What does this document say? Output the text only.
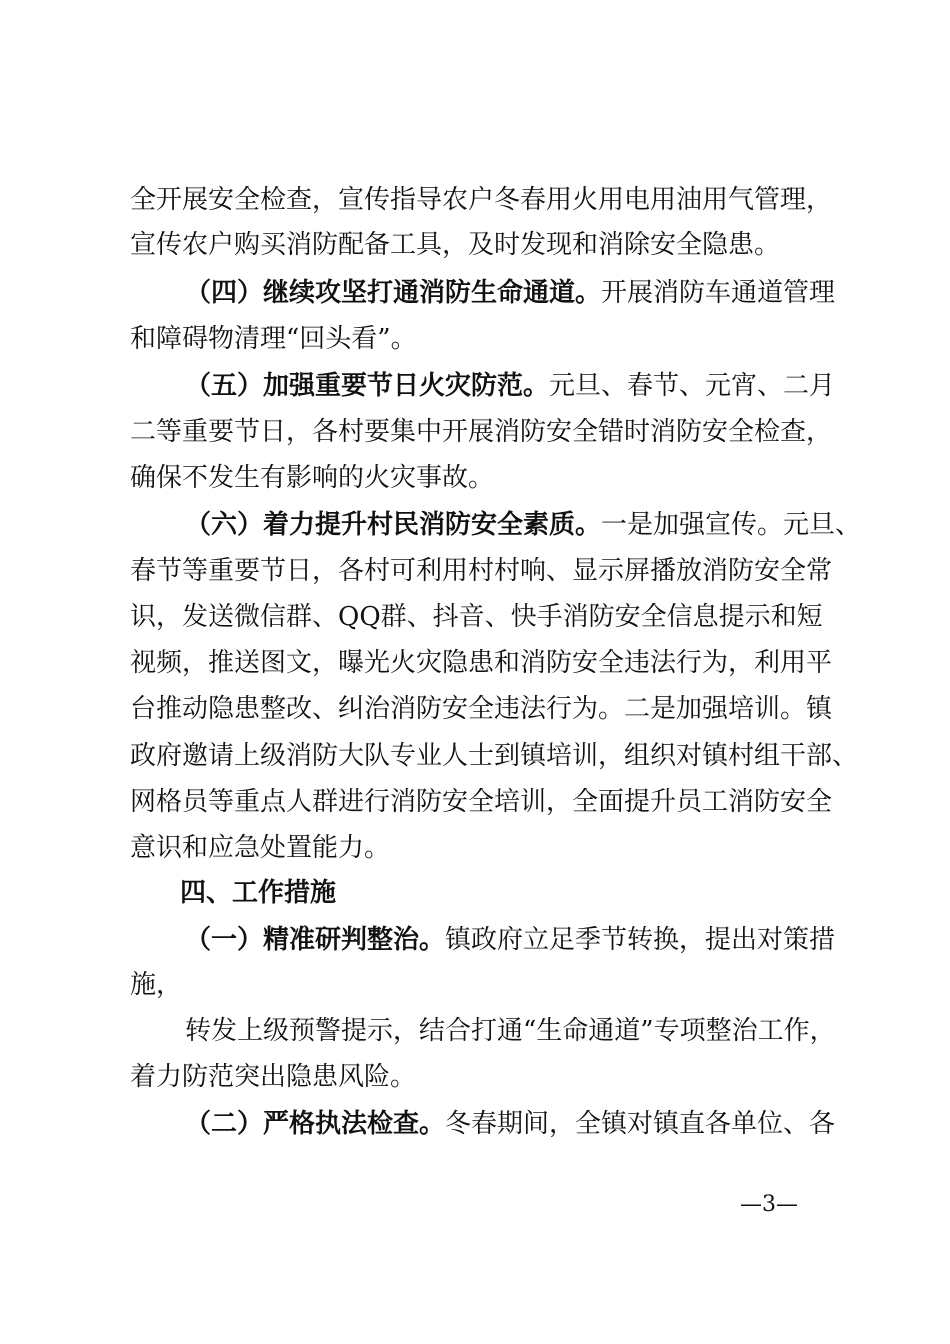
全开展安全检查，宣传指导农户冬春用火用电用油用气管理，
宣传农户购买消防配备工具，及时发现和消除安全隐患。
（四）继续攻坚打通消防生命通道。开展消防车通道管理
和障碍物清理“回头看”。
（五）加强重要节日火灾防范。元旦、春节、元宵、二月
二等重要节日，各村要集中开展消防安全错时消防安全检查，
确保不发生有影响的火灾事故。
（六）着力提升村民消防安全素质。一是加强宣传。元旦、
春节等重要节日，各村可利用村村响、显示屏播放消防安全常
识，发送微信群、QQ群、抖音、快手消防安全信息提示和短
视频，推送图文，曝光火灾隐患和消防安全违法行为，利用平
台推动隐患整改、纠治消防安全违法行为。二是加强培训。镇
政府邀请上级消防大队专业人士到镇培训，组织对镇村组干部、
网格员等重点人群进行消防安全培训，全面提升员工消防安全
意识和应急处置能力。
四、工作措施
（一）精准研判整治。镇政府立足季节转换，提出对策措
施，
转发上级预警提示，结合打通“生命通道”专项整治工作，
着力防范突出隐患风险。
（二）严格执法检查。冬春期间，全镇对镇直各单位、各
—3—
